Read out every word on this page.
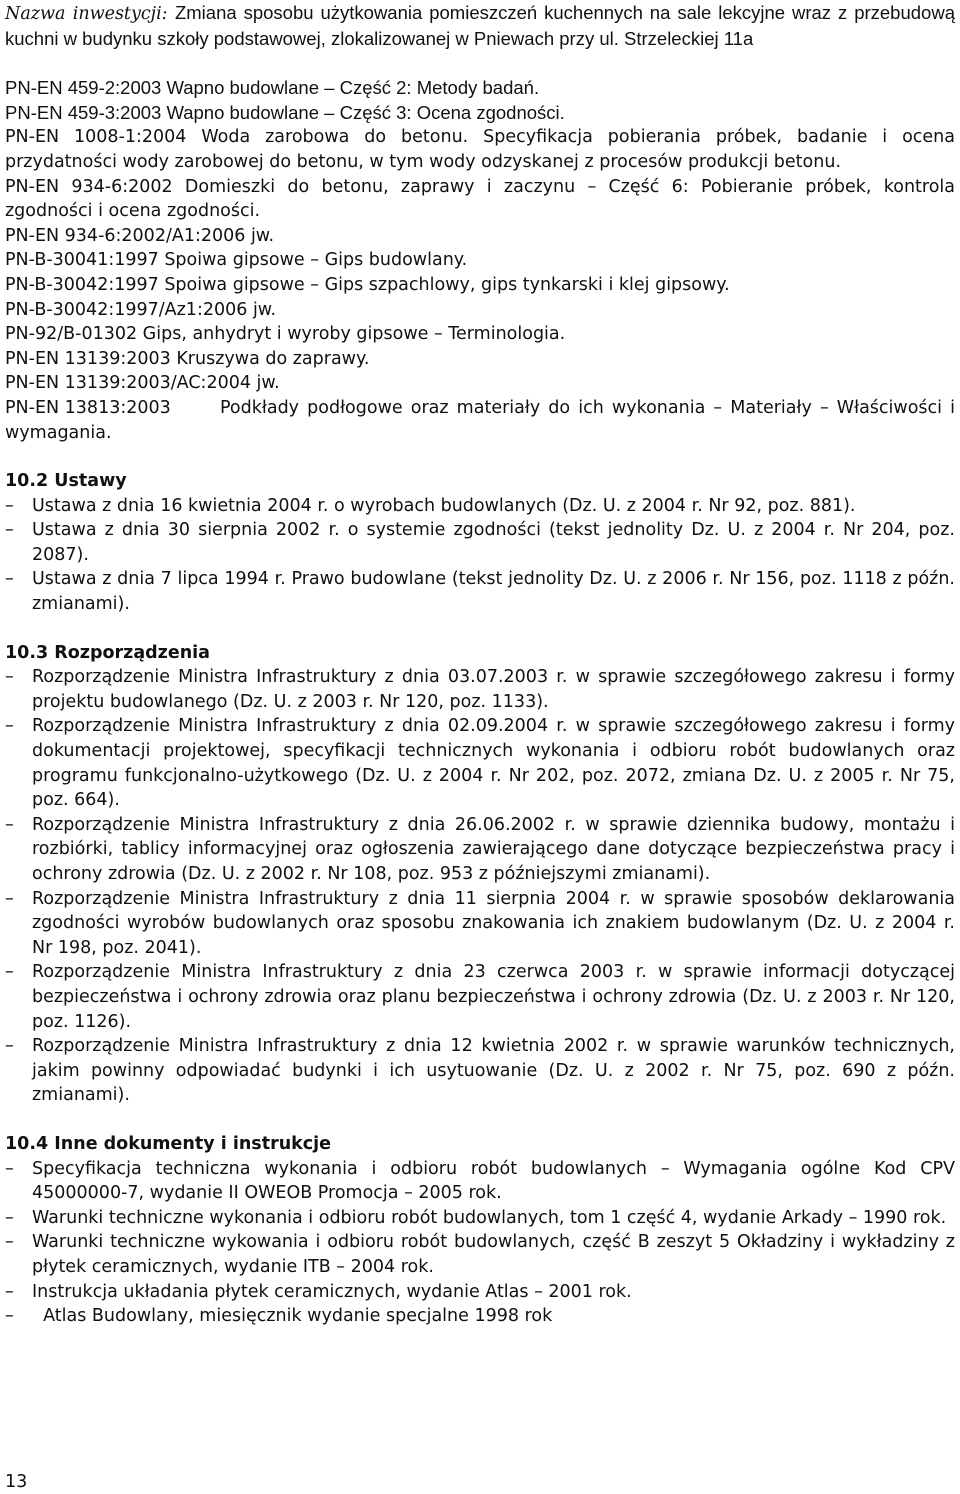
Nazwa inwestycji: Zmiana sposobu użytkowania pomieszczeń kuchennych na sale lekcyjne wraz z przebudową kuchni w budynku szkoły podstawowej, zlokalizowanej w Pniewach przy ul. Strzeleckiej 11a

PN-EN 459-2:2003 Wapno budowlane – Część 2: Metody badań.

PN-EN 459-3:2003 Wapno budowlane – Część 3: Ocena zgodności.

PN-EN 1008-1:2004 Woda zarobowa do betonu. Specyfikacja pobierania próbek, badanie i ocena przydatności wody zarobowej do betonu, w tym wody odzyskanej z procesów produkcji betonu.

PN-EN 934-6:2002 Domieszki do betonu, zaprawy i zaczynu – Część 6: Pobieranie próbek, kontrola zgodności i ocena zgodności.

PN-EN 934-6:2002/A1:2006 jw.

PN-B-30041:1997 Spoiwa gipsowe – Gips budowlany.

PN-B-30042:1997 Spoiwa gipsowe – Gips szpachlowy, gips tynkarski i klej gipsowy.

PN-B-30042:1997/Az1:2006 jw.

PN-92/B-01302 Gips, anhydryt i wyroby gipsowe – Terminologia.

PN-EN 13139:2003 Kruszywa do zaprawy.

PN-EN 13139:2003/AC:2004 jw.

PN-EN 13813:2003	Podkłady podłogowe oraz materiały do ich wykonania – Materiały – Właściwości i wymagania.

10.2 Ustawy
– Ustawa z dnia 16 kwietnia 2004 r. o wyrobach budowlanych (Dz. U. z 2004 r. Nr 92, poz. 881).
– Ustawa z dnia 30 sierpnia 2002 r. o systemie zgodności (tekst jednolity Dz. U. z 2004 r. Nr 204, poz. 2087).
– Ustawa z dnia 7 lipca 1994 r. Prawo budowlane (tekst jednolity Dz. U. z 2006 r. Nr 156, poz. 1118 z późn. zmianami).
10.3 Rozporządzenia
– Rozporządzenie Ministra Infrastruktury z dnia 03.07.2003 r. w sprawie szczegółowego zakresu i formy projektu budowlanego (Dz. U. z 2003 r. Nr 120, poz. 1133).
– Rozporządzenie Ministra Infrastruktury z dnia 02.09.2004 r. w sprawie szczegółowego zakresu i formy dokumentacji projektowej, specyfikacji technicznych wykonania i odbioru robót budowlanych oraz programu funkcjonalno-użytkowego (Dz. U. z 2004 r. Nr 202, poz. 2072, zmiana Dz. U. z 2005 r. Nr 75, poz. 664).
– Rozporządzenie Ministra Infrastruktury z dnia 26.06.2002 r. w sprawie dziennika budowy, montażu i rozbiórki, tablicy informacyjnej oraz ogłoszenia zawierającego dane dotyczące bezpieczeństwa pracy i ochrony zdrowia (Dz. U. z 2002 r. Nr 108, poz. 953 z późniejszymi zmianami).
– Rozporządzenie Ministra Infrastruktury z dnia 11 sierpnia 2004 r. w sprawie sposobów deklarowania zgodności wyrobów budowlanych oraz sposobu znakowania ich znakiem budowlanym (Dz. U. z 2004 r. Nr 198, poz. 2041).
– Rozporządzenie Ministra Infrastruktury z dnia 23 czerwca 2003 r. w sprawie informacji dotyczącej bezpieczeństwa i ochrony zdrowia oraz planu bezpieczeństwa i ochrony zdrowia (Dz. U. z 2003 r. Nr 120, poz. 1126).
– Rozporządzenie Ministra Infrastruktury z dnia 12 kwietnia 2002 r. w sprawie warunków technicznych, jakim powinny odpowiadać budynki i ich usytuowanie (Dz. U. z 2002 r. Nr 75, poz. 690 z późn. zmianami).
10.4 Inne dokumenty i instrukcje
– Specyfikacja techniczna wykonania i odbioru robót budowlanych – Wymagania ogólne Kod CPV 45000000-7, wydanie II OWEOB Promocja – 2005 rok.
– Warunki techniczne wykonania i odbioru robót budowlanych, tom 1 część 4, wydanie Arkady – 1990 rok.
– Warunki techniczne wykowania i odbioru robót budowlanych, część B zeszyt 5 Okładziny i wykładziny z płytek ceramicznych, wydanie ITB – 2004 rok.
– Instrukcja układania płytek ceramicznych, wydanie Atlas – 2001 rok.
– Atlas Budowlany, miesięcznik wydanie specjalne 1998 rok
13
